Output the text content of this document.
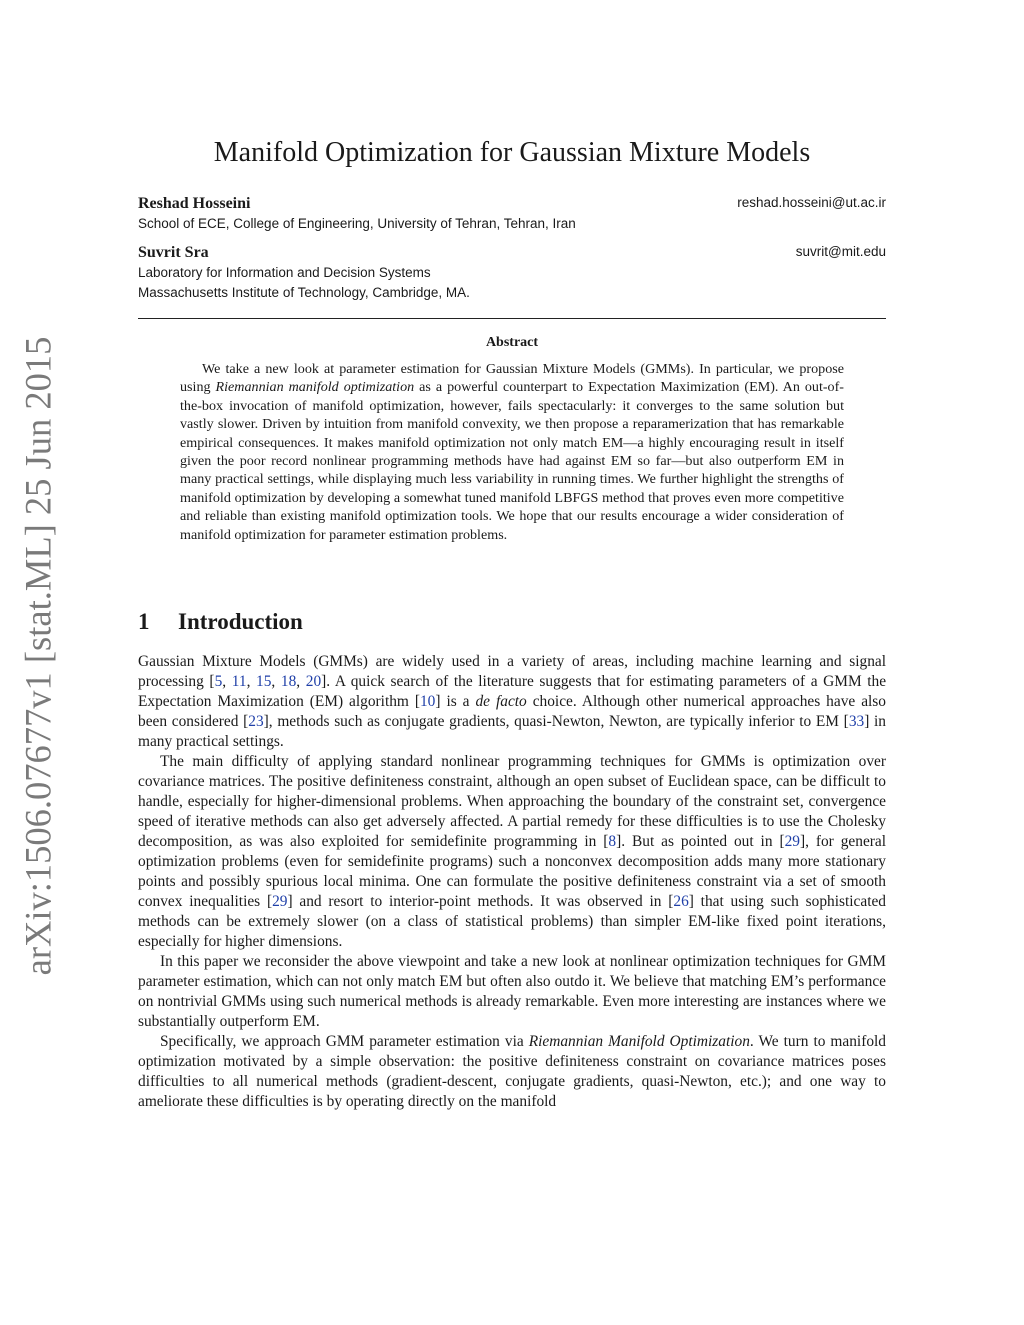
arXiv:1506.07677v1 [stat.ML] 25 Jun 2015
Manifold Optimization for Gaussian Mixture Models
Reshad Hosseini	reshad.hosseini@ut.ac.ir
School of ECE, College of Engineering, University of Tehran, Tehran, Iran
Suvrit Sra	suvrit@mit.edu
Laboratory for Information and Decision Systems
Massachusetts Institute of Technology, Cambridge, MA.
Abstract
We take a new look at parameter estimation for Gaussian Mixture Models (GMMs). In particular, we propose using Riemannian manifold optimization as a powerful counterpart to Expectation Maximization (EM). An out-of-the-box invocation of manifold optimization, however, fails spectacularly: it converges to the same solution but vastly slower. Driven by intuition from manifold convexity, we then propose a reparamerization that has remarkable empirical consequences. It makes manifold optimization not only match EM—a highly encouraging result in itself given the poor record nonlinear programming methods have had against EM so far—but also outperform EM in many practical settings, while displaying much less variability in running times. We further highlight the strengths of manifold optimization by developing a somewhat tuned manifold LBFGS method that proves even more competitive and reliable than existing manifold optimization tools. We hope that our results encourage a wider consideration of manifold optimization for parameter estimation problems.
1 Introduction

Gaussian Mixture Models (GMMs) are widely used in a variety of areas, including machine learning and signal processing [5, 11, 15, 18, 20]. A quick search of the literature suggests that for estimating parameters of a GMM the Expectation Maximization (EM) algorithm [10] is a de facto choice. Although other numerical approaches have also been considered [23], methods such as conjugate gradients, quasi-Newton, Newton, are typically inferior to EM [33] in many practical settings.

The main difficulty of applying standard nonlinear programming techniques for GMMs is optimization over covariance matrices. The positive definiteness constraint, although an open subset of Euclidean space, can be difficult to handle, especially for higher-dimensional problems. When approaching the boundary of the constraint set, convergence speed of iterative methods can also get adversely affected. A partial remedy for these difficulties is to use the Cholesky decomposition, as was also exploited for semidefinite programming in [8]. But as pointed out in [29], for general optimization problems (even for semidefinite programs) such a nonconvex decomposition adds many more stationary points and possibly spurious local minima. One can formulate the positive definiteness constraint via a set of smooth convex inequalities [29] and resort to interior-point methods. It was observed in [26] that using such sophisticated methods can be extremely slower (on a class of statistical problems) than simpler EM-like fixed point iterations, especially for higher dimensions.

In this paper we reconsider the above viewpoint and take a new look at nonlinear optimization techniques for GMM parameter estimation, which can not only match EM but often also outdo it. We believe that matching EM’s performance on nontrivial GMMs using such numerical methods is already remarkable. Even more interesting are instances where we substantially outperform EM.

Specifically, we approach GMM parameter estimation via Riemannian Manifold Optimization. We turn to manifold optimization motivated by a simple observation: the positive definiteness constraint on covariance matrices poses difficulties to all numerical methods (gradient-descent, conjugate gradients, quasi-Newton, etc.); and one way to ameliorate these difficulties is by operating directly on the manifold
